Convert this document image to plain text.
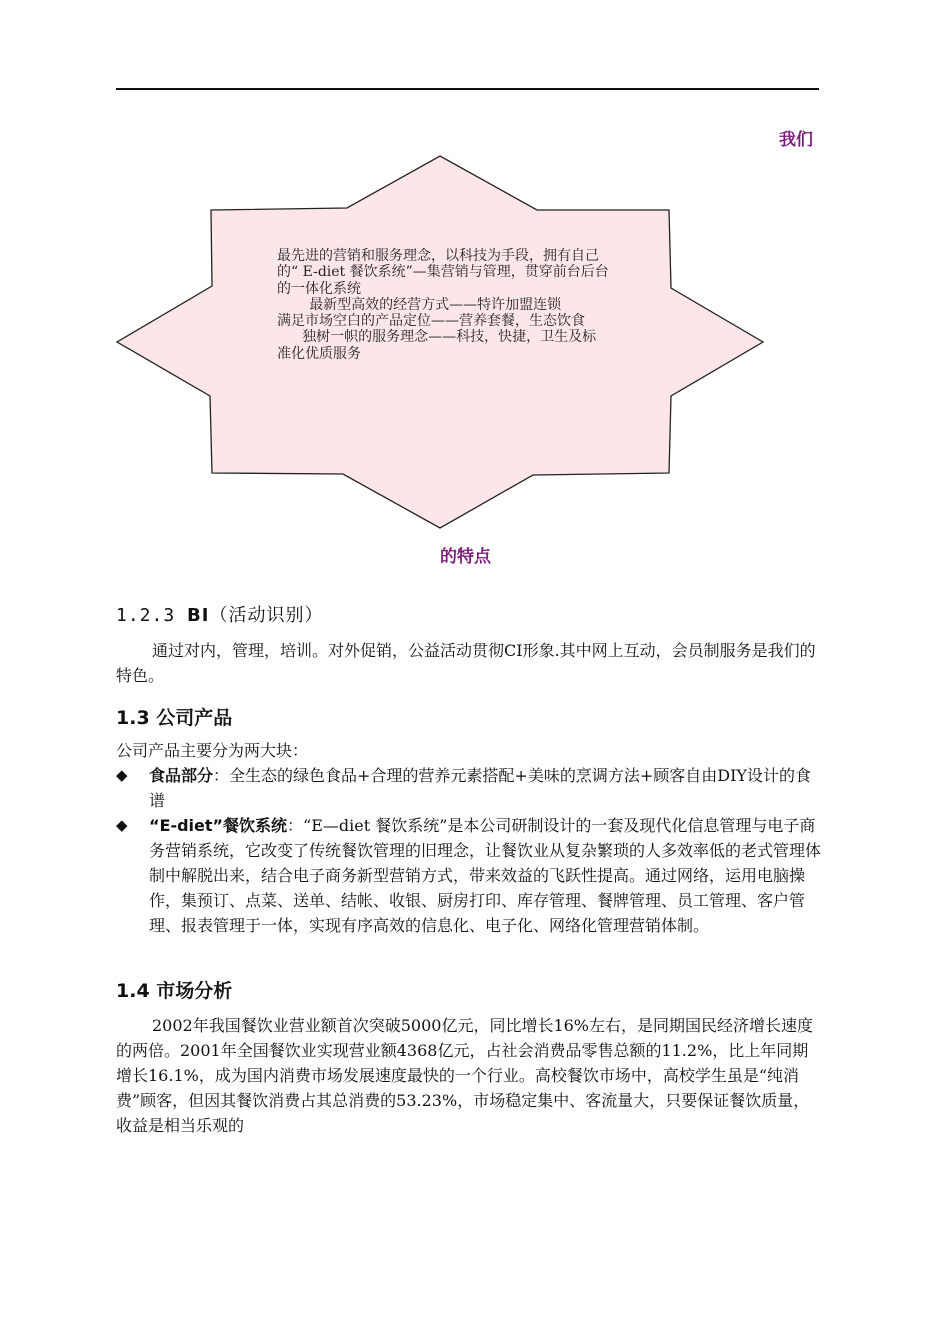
我们

最先进的营销和服务理念，以科技为手段，拥有自己的“ E-diet 餐饮系统”—集营销与管理，贯穿前台后台的一体化系统

最新型高效的经营方式——特许加盟连锁

满足市场空白的产品定位——营养套餐，生态饮食

独树一帜的服务理念——科技，快捷，卫生及标准化优质服务

的特点
1.2.3 BI（活动识别）
通过对内，管理，培训。对外促销，公益活动贯彻CI形象.其中网上互动，会员制服务是我们的特色。
1.3 公司产品
公司产品主要分为两大块：
◆ 食品部分：全生态的绿色食品+合理的营养元素搭配+美味的烹调方法+顾客自由DIY设计的食谱
◆ “E-diet”餐饮系统：“E—diet 餐饮系统”是本公司研制设计的一套及现代化信息管理与电子商务营销系统，它改变了传统餐饮管理的旧理念，让餐饮业从复杂繁琐的人多效率低的老式管理体制中解脱出来，结合电子商务新型营销方式，带来效益的飞跃性提高。通过网络，运用电脑操作，集预订、点菜、送单、结帐、收银、厨房打印、库存管理、餐牌管理、员工管理、客户管理、报表管理于一体，实现有序高效的信息化、电子化、网络化管理营销体制。
1.4 市场分析
2002年我国餐饮业营业额首次突破5000亿元，同比增长16%左右，是同期国民经济增长速度的两倍。2001年全国餐饮业实现营业额4368亿元，占社会消费品零售总额的11.2%，比上年同期增长16.1%，成为国内消费市场发展速度最快的一个行业。高校餐饮市场中，高校学生虽是“纯消费”顾客，但因其餐饮消费占其总消费的53.23%，市场稳定集中、客流量大，只要保证餐饮质量，收益是相当乐观的
